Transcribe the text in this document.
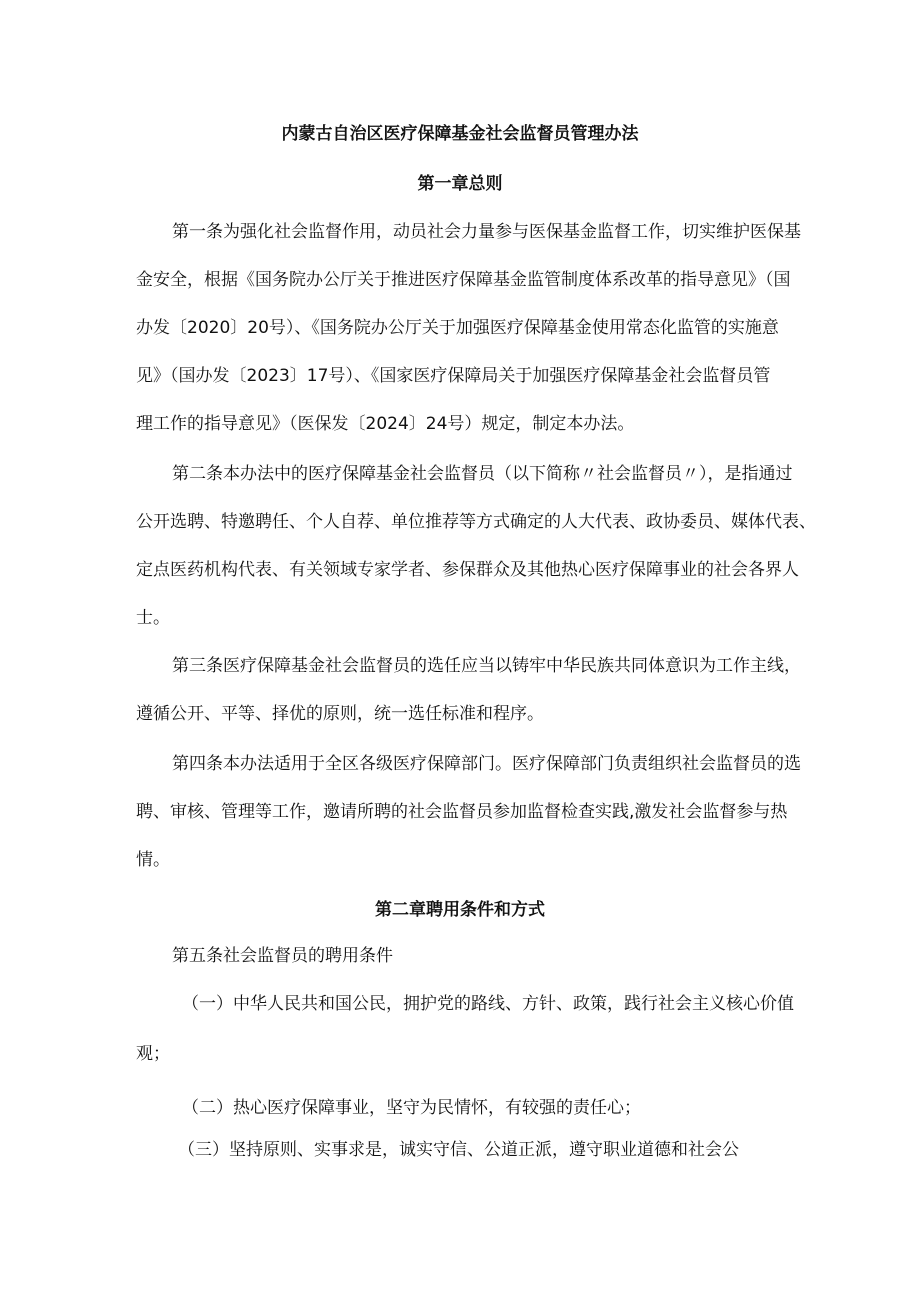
内蒙古自治区医疗保障基金社会监督员管理办法
第一章总则
第一条为强化社会监督作用，动员社会力量参与医保基金监督工作，切实维护医保基
金安全，根据《国务院办公厅关于推进医疗保障基金监管制度体系改革的指导意见》（国
办发〔2020〕20号）、《国务院办公厅关于加强医疗保障基金使用常态化监管的实施意
见》（国办发〔2023〕17号）、《国家医疗保障局关于加强医疗保障基金社会监督员管
理工作的指导意见》（医保发〔2024〕24号）规定，制定本办法。
第二条本办法中的医疗保障基金社会监督员（以下简称〃社会监督员〃），是指通过
公开选聘、特邀聘任、个人自荐、单位推荐等方式确定的人大代表、政协委员、媒体代表、
定点医药机构代表、有关领域专家学者、参保群众及其他热心医疗保障事业的社会各界人
士。
第三条医疗保障基金社会监督员的选任应当以铸牢中华民族共同体意识为工作主线，
遵循公开、平等、择优的原则，统一选任标准和程序。
第四条本办法适用于全区各级医疗保障部门。医疗保障部门负责组织社会监督员的选
聘、审核、管理等工作，邀请所聘的社会监督员参加监督检查实践,激发社会监督参与热
情。
第二章聘用条件和方式
第五条社会监督员的聘用条件
（一）中华人民共和国公民，拥护党的路线、方针、政策，践行社会主义核心价值
观；
（二）热心医疗保障事业，坚守为民情怀，有较强的责任心；
（三）坚持原则、实事求是，诚实守信、公道正派，遵守职业道德和社会公
